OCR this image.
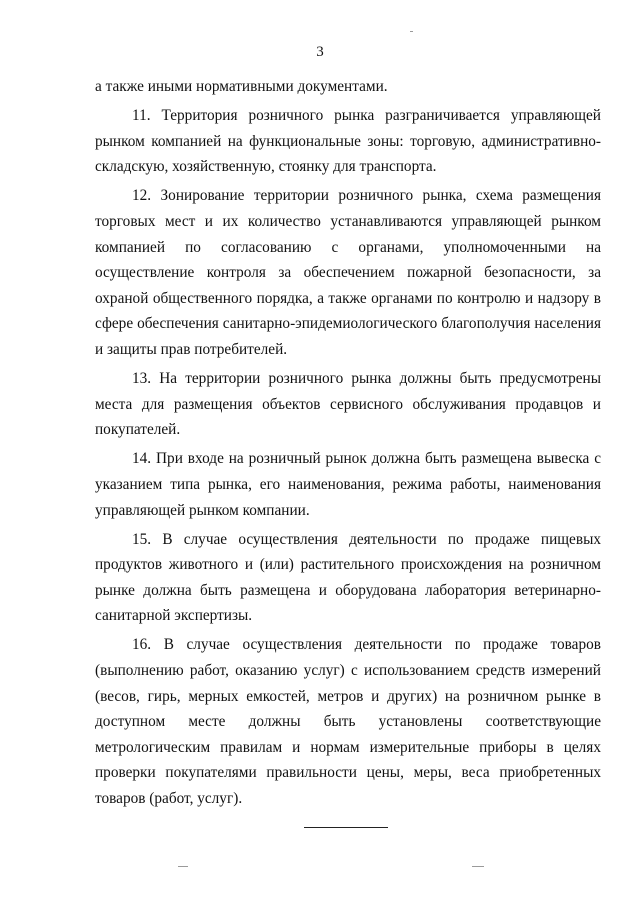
3

а также иными нормативными документами.

11. Территория розничного рынка разграничивается управляющей рынком компанией на функциональные зоны: торговую, административно-складскую, хозяйственную, стоянку для транспорта.

12. Зонирование территории розничного рынка, схема размещения торговых мест и их количество устанавливаются управляющей рынком компанией по согласованию с органами, уполномоченными на осуществление контроля за обеспечением пожарной безопасности, за охраной общественного порядка, а также органами по контролю и надзору в сфере обеспечения санитарно-эпидемиологического благополучия населения и защиты прав потребителей.

13. На территории розничного рынка должны быть предусмотрены места для размещения объектов сервисного обслуживания продавцов и покупателей.

14. При входе на розничный рынок должна быть размещена вывеска с указанием типа рынка, его наименования, режима работы, наименования управляющей рынком компании.

15. В случае осуществления деятельности по продаже пищевых продуктов животного и (или) растительного происхождения на розничном рынке должна быть размещена и оборудована лаборатория ветеринарно-санитарной экспертизы.

16. В случае осуществления деятельности по продаже товаров (выполнению работ, оказанию услуг) с использованием средств измерений (весов, гирь, мерных емкостей, метров и других) на розничном рынке в доступном месте должны быть установлены соответствующие метрологическим правилам и нормам измерительные приборы в целях проверки покупателями правильности цены, меры, веса приобретенных товаров (работ, услуг).
